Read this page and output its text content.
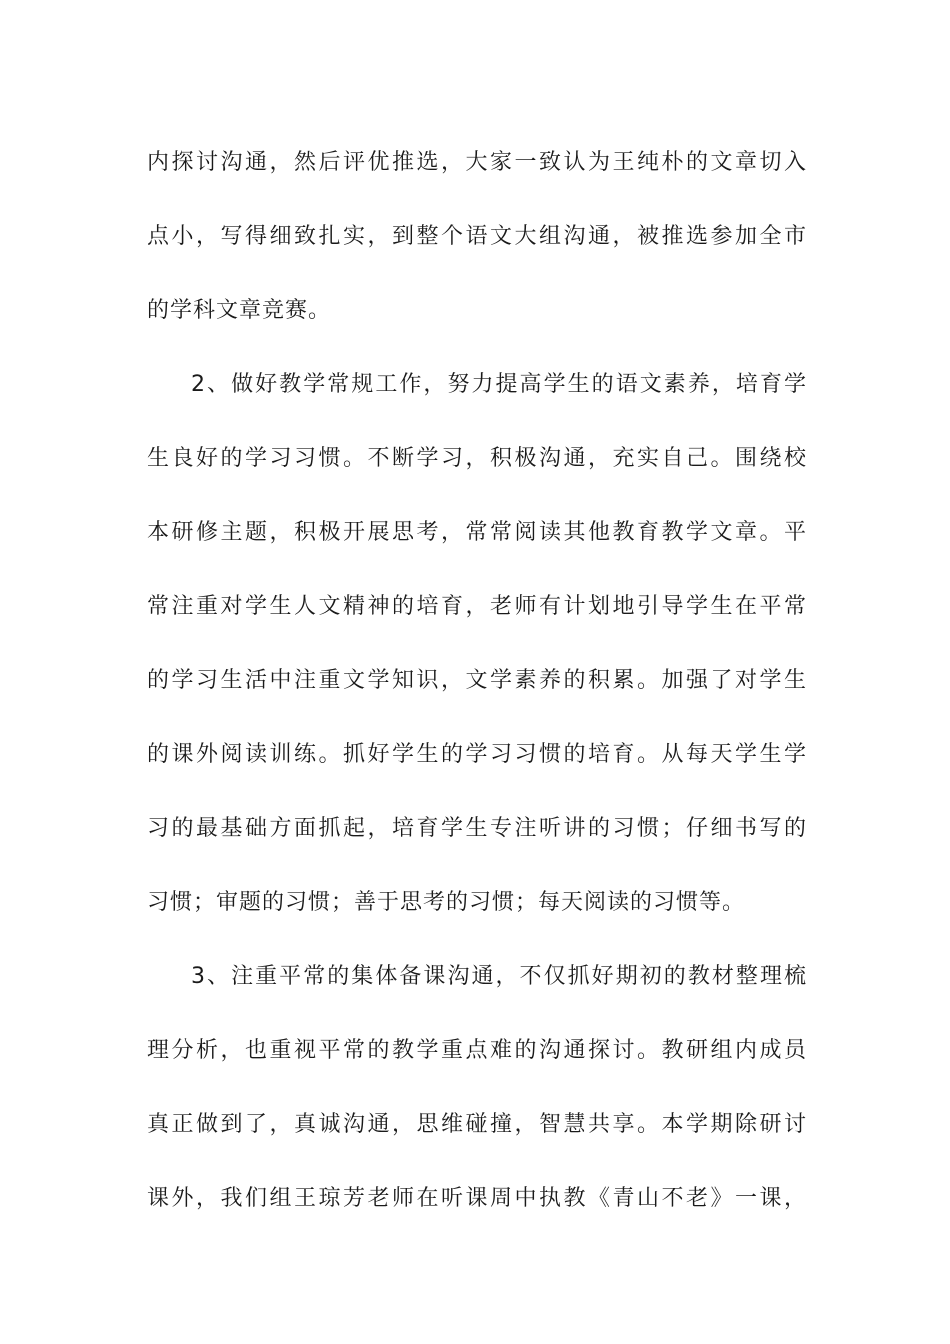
内探讨沟通，然后评优推选，大家一致认为王纯朴的文章切入
点小，写得细致扎实，到整个语文大组沟通，被推选参加全市
的学科文章竞赛。
2、做好教学常规工作，努力提高学生的语文素养，培育学
生良好的学习习惯。不断学习，积极沟通，充实自己。围绕校
本研修主题，积极开展思考，常常阅读其他教育教学文章。平
常注重对学生人文精神的培育，老师有计划地引导学生在平常
的学习生活中注重文学知识，文学素养的积累。加强了对学生
的课外阅读训练。抓好学生的学习习惯的培育。从每天学生学
习的最基础方面抓起，培育学生专注听讲的习惯；仔细书写的
习惯；审题的习惯；善于思考的习惯；每天阅读的习惯等。
3、注重平常的集体备课沟通，不仅抓好期初的教材整理梳
理分析，也重视平常的教学重点难的沟通探讨。教研组内成员
真正做到了，真诚沟通，思维碰撞，智慧共享。本学期除研讨
课外，我们组王琼芳老师在听课周中执教《青山不老》一课，
